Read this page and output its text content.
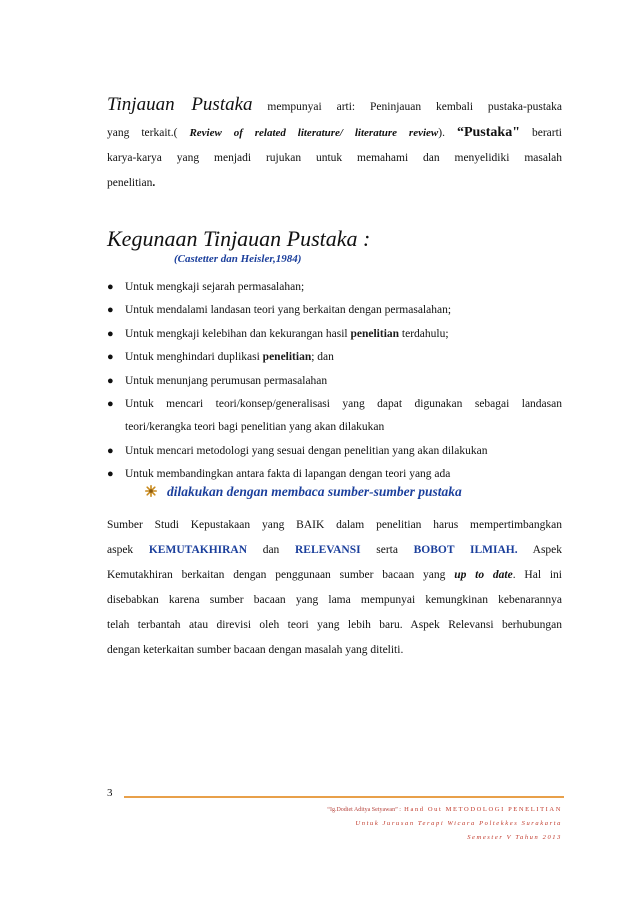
Tinjauan Pustaka mempunyai arti: Peninjauan kembali pustaka-pustaka
yang terkait.( Review of related literature/ literature review). “Pustaka" berarti
karya-karya yang menjadi rujukan untuk memahami dan menyelidiki masalah
penelitian.
Kegunaan Tinjauan Pustaka :
(Castetter dan Heisler,1984)
● Untuk mengkaji sejarah permasalahan;
● Untuk mendalami landasan teori yang berkaitan dengan permasalahan;
● Untuk mengkaji kelebihan dan kekurangan hasil penelitian terdahulu;
● Untuk menghindari duplikasi penelitian; dan
● Untuk menunjang perumusan permasalahan
● Untuk mencari teori/konsep/generalisasi yang dapat digunakan sebagai landasan
teori/kerangka teori bagi penelitian yang akan dilakukan
● Untuk mencari metodologi yang sesuai dengan penelitian yang akan dilakukan
● Untuk membandingkan antara fakta di lapangan dengan teori yang ada
dilakukan dengan membaca sumber-sumber pustaka
Sumber Studi Kepustakaan yang BAIK dalam penelitian harus mempertimbangkan
aspek KEMUTAKHIRAN dan RELEVANSI serta BOBOT ILMIAH. Aspek
Kemutakhiran berkaitan dengan penggunaan sumber bacaan yang up to date. Hal ini
disebabkan karena sumber bacaan yang lama mempunyai kemungkinan kebenarannya
telah terbantah atau direvisi oleh teori yang lebih baru. Aspek Relevansi berhubungan
dengan keterkaitan sumber bacaan dengan masalah yang diteliti.
3
“Ig.Dodiet Aditya Setyawan” : Hand Out METODOLOGI PENELITIAN
Untuk Jurusan Terapi Wicara Poltekkes Surakarta
Semester V Tahun 2013
